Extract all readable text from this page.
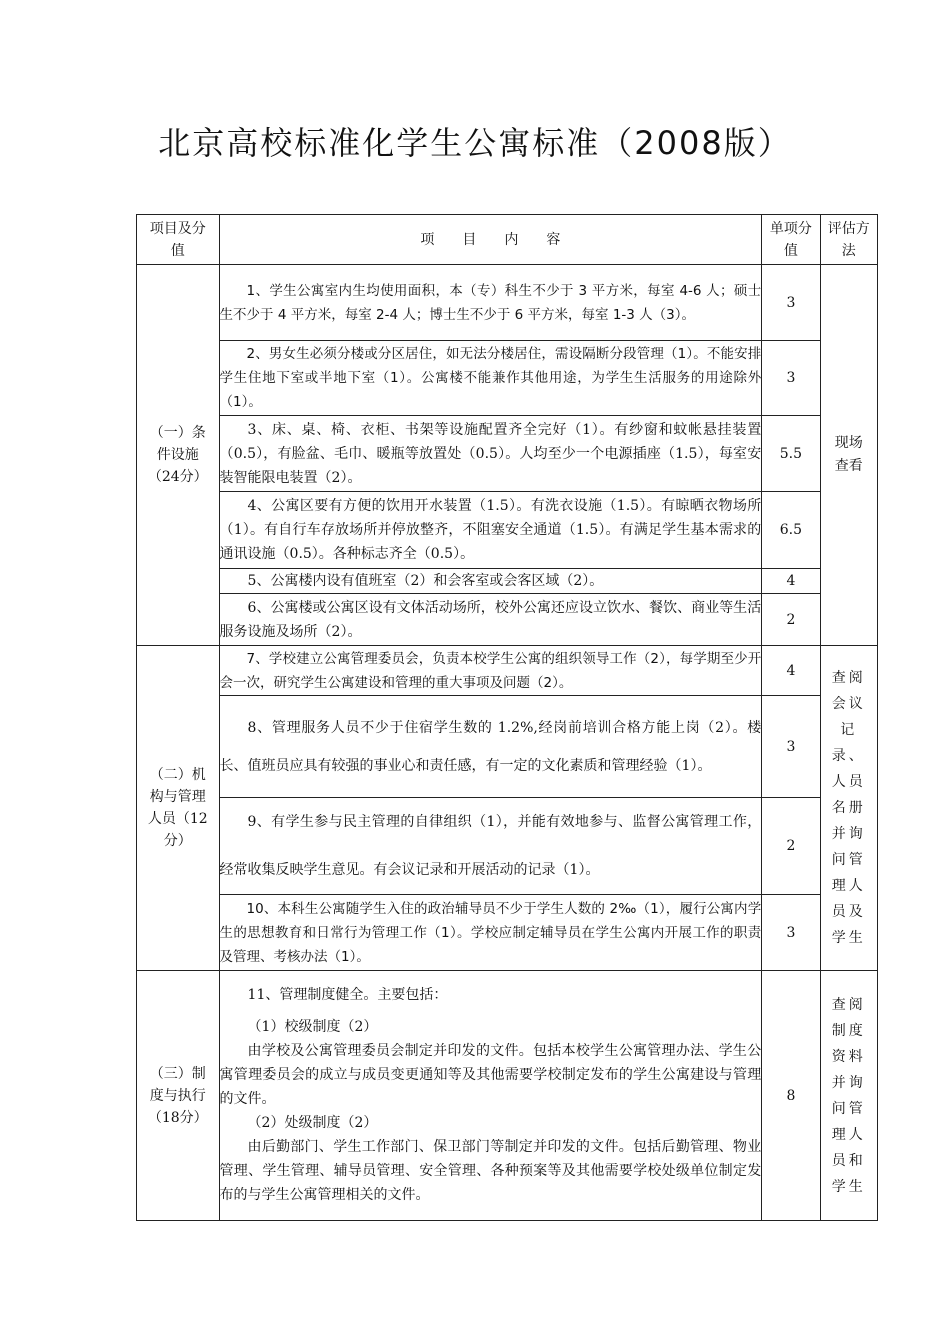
北京高校标准化学生公寓标准（2008版）
项目及分值	项　　目　　内　　容	单项分值	评估方法

（一）条件设施（24分）	1、学生公寓室内生均使用面积，本（专）科生不少于 3 平方米，每室 4-6 人；硕士生不少于 4 平方米，每室 2-4 人；博士生不少于 6 平方米，每室 1-3 人（3）。	3	现场查看

	2、男女生必须分楼或分区居住，如无法分楼居住，需设隔断分段管理（1）。不能安排学生住地下室或半地下室（1）。公寓楼不能兼作其他用途，为学生生活服务的用途除外（1）。	3	

	3、床、桌、椅、衣柜、书架等设施配置齐全完好（1）。有纱窗和蚊帐悬挂装置（0.5），有脸盆、毛巾、暖瓶等放置处（0.5）。人均至少一个电源插座（1.5），每室安装智能限电装置（2）。	5.5	

	4、公寓区要有方便的饮用开水装置（1.5）。有洗衣设施（1.5）。有晾晒衣物场所（1）。有自行车存放场所并停放整齐，不阻塞安全通道（1.5）。有满足学生基本需求的通讯设施（0.5）。各种标志齐全（0.5）。	6.5	

	5、公寓楼内设有值班室（2）和会客室或会客区域（2）。	4	

	6、公寓楼或公寓区设有文体活动场所，校外公寓还应设立饮水、餐饮、商业等生活服务设施及场所（2）。	2	

（二）机构与管理人员（12分）	7、学校建立公寓管理委员会，负责本校学生公寓的组织领导工作（2），每学期至少开会一次，研究学生公寓建设和管理的重大事项及问题（2）。	4	查阅会议记录、人员名册并询问管理人员及学生

	8、管理服务人员不少于住宿学生数的 1.2%,经岗前培训合格方能上岗（2）。楼长、值班员应具有较强的事业心和责任感，有一定的文化素质和管理经验（1）。	3	

	9、有学生参与民主管理的自律组织（1），并能有效地参与、监督公寓管理工作，经常收集反映学生意见。有会议记录和开展活动的记录（1）。	2	

	10、本科生公寓随学生入住的政治辅导员不少于学生人数的 2‰（1），履行公寓内学生的思想教育和日常行为管理工作（1）。学校应制定辅导员在学生公寓内开展工作的职责及管理、考核办法（1）。	3	

（三）制度与执行（18分）	11、管理制度健全。主要包括：
（1）校级制度（2）
由学校及公寓管理委员会制定并印发的文件。包括本校学生公寓管理办法、学生公寓管理委员会的成立与成员变更通知等及其他需要学校制定发布的学生公寓建设与管理的文件。
（2）处级制度（2）
由后勤部门、学生工作部门、保卫部门等制定并印发的文件。包括后勤管理、物业管理、学生管理、辅导员管理、安全管理、各种预案等及其他需要学校处级单位制定发布的与学生公寓管理相关的文件。	8	查阅制度资料并询问管理人员和学生
